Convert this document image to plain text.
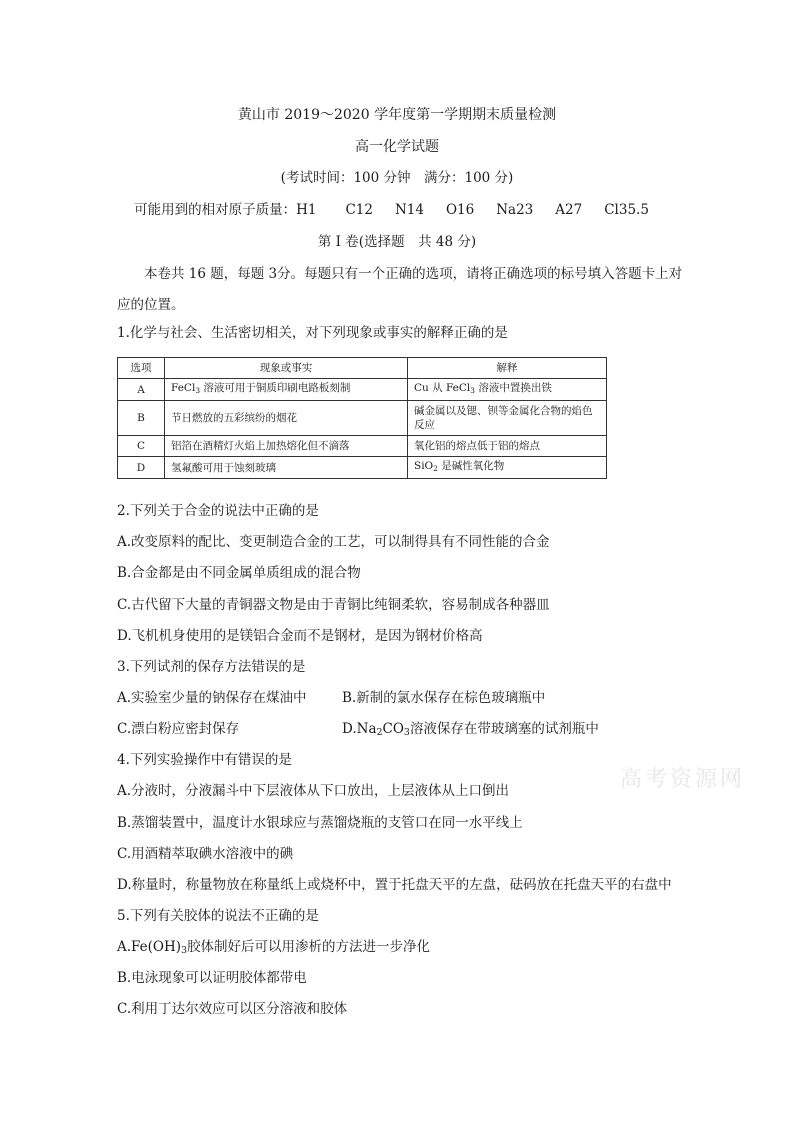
黄山市 2019～2020 学年度第一学期期末质量检测
高一化学试题
(考试时间：100 分钟　满分：100 分)
可能用到的相对原子质量：H1 C12 N14 O16 Na23 A27 Cl35.5
第 I 卷(选择题　共 48 分)
本卷共 16 题，每题 3分。每题只有一个正确的选项，请将正确选项的标号填入答题卡上对应的位置。
1.化学与社会、生活密切相关，对下列现象或事实的解释正确的是
选项	现象或事实	解释
A	FeCl$_3$ 溶液可用于铜质印刷电路板刻制	Cu 从 FeCl$_3$ 溶液中置换出铁
B	节日燃放的五彩缤纷的烟花	碱金属以及锶、钡等金属化合物的焰色反应
C	铝箔在酒精灯火焰上加热熔化但不滴落	氧化铝的熔点低于铝的熔点
D	氢氟酸可用于蚀刻玻璃	SiO$_2$ 是碱性氧化物
2.下列关于合金的说法中正确的是
A.改变原料的配比、变更制造合金的工艺，可以制得具有不同性能的合金
B.合金都是由不同金属单质组成的混合物
C.古代留下大量的青铜器文物是由于青铜比纯铜柔软，容易制成各种器皿
D.飞机机身使用的是镁铝合金而不是钢材，是因为钢材价格高
3.下列试剂的保存方法错误的是
A.实验室少量的钠保存在煤油中	B.新制的氯水保存在棕色玻璃瓶中
C.漂白粉应密封保存	$D.Na_2CO_3$溶液保存在带玻璃塞的试剂瓶中
4.下列实验操作中有错误的是
A.分液时，分液漏斗中下层液体从下口放出，上层液体从上口倒出
B.蒸馏装置中，温度计水银球应与蒸馏烧瓶的支管口在同一水平线上
C.用酒精萃取碘水溶液中的碘
D.称量时，称量物放在称量纸上或烧杯中，置于托盘天平的左盘，砝码放在托盘天平的右盘中
5.下列有关胶体的说法不正确的是
$A.Fe(OH)_3$胶体制好后可以用渗析的方法进一步净化
B.电泳现象可以证明胶体都带电
C.利用丁达尔效应可以区分溶液和胶体
高考资源网
